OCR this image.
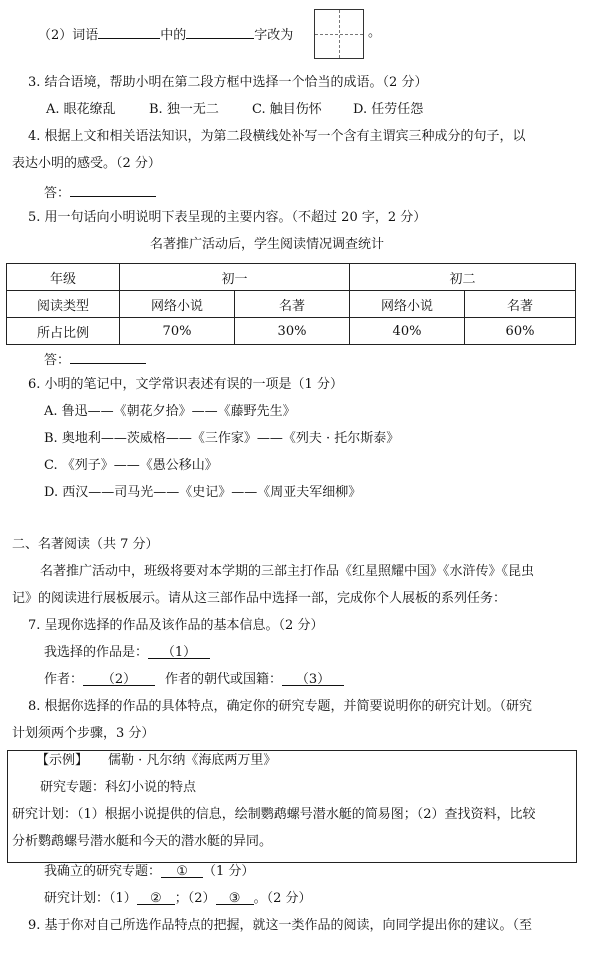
（2）词语	中的	字改为	。
3. 结合语境，帮助小明在第二段方框中选择一个恰当的成语。（2 分）
A. 眼花缭乱	B. 独一无二	C. 触目伤怀 D. 任劳任怨
4. 根据上文和相关语法知识，为第二段横线处补写一个含有主谓宾三种成分的句子，以
表达小明的感受。（2 分）
答：
5. 用一句话向小明说明下表呈现的主要内容。（不超过 20 字，2 分）
名著推广活动后，学生阅读情况调查统计
年级	初一		初二	
阅读类型	网络小说	名著	网络小说	名著
所占比例	70%	30%	40%	60%
答：
6. 小明的笔记中，文学常识表述有误的一项是（1 分）
A. 鲁迅——《朝花夕拾》——《藤野先生》
B. 奥地利——茨威格——《三作家》——《列夫 · 托尔斯泰》
C. 《列子》——《愚公移山》
D. 西汉——司马光——《史记》——《周亚夫军细柳》
二、名著阅读（共 7 分）
名著推广活动中，班级将要对本学期的三部主打作品《红星照耀中国》《水浒传》《昆虫
记》的阅读进行展板展示。请从这三部作品中选择一部，完成你个人展板的系列任务：
7. 呈现你选择的作品及该作品的基本信息。（2 分）
我选择的作品是： （1）
作者： （2） 作者的朝代或国籍： （3）
8. 根据你选择的作品的具体特点，确定你的研究专题，并简要说明你的研究计划。（研究
计划须两个步骤，3 分）
【示例】 儒勒 · 凡尔纳《海底两万里》
研究专题：科幻小说的特点
研究计划：（1）根据小说提供的信息，绘制鹦鹉螺号潜水艇的简易图；（2）查找资料，比较
分析鹦鹉螺号潜水艇和今天的潜水艇的异同。
我确立的研究专题： ① （1 分）
研究计划：（1） ② ；（2） ③ 。（2 分）
9. 基于你对自己所选作品特点的把握，就这一类作品的阅读，向同学提出你的建议。（至
